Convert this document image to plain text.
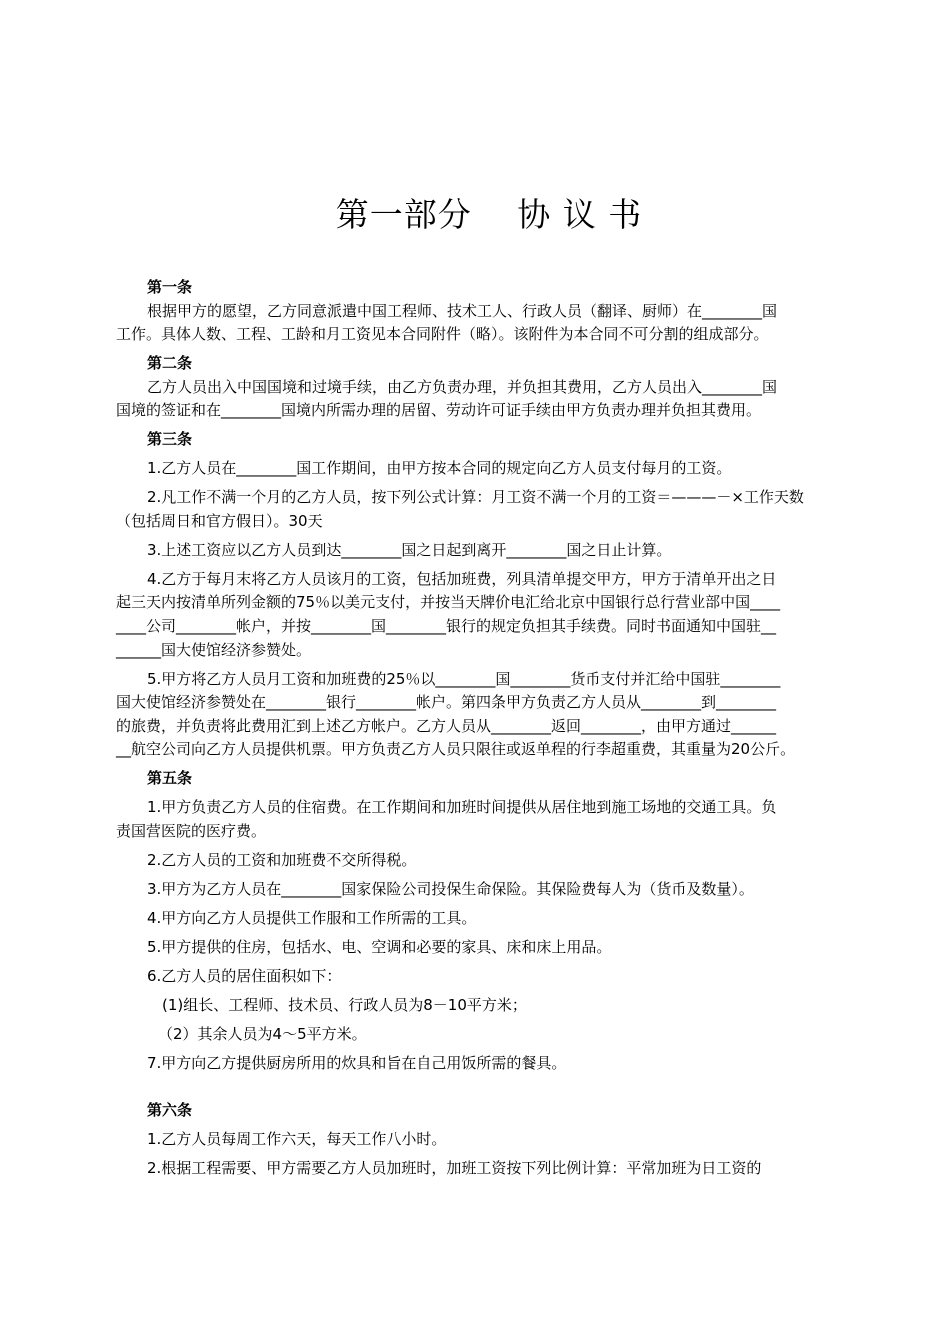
第一部分　 协 议 书
第一条
根据甲方的愿望，乙方同意派遣中国工程师、技术工人、行政人员（翻译、厨师）在________国
工作。具体人数、工程、工龄和月工资见本合同附件（略）。该附件为本合同不可分割的组成部分。
第二条
乙方人员出入中国国境和过境手续，由乙方负责办理，并负担其费用，乙方人员出入________国
国境的签证和在________国境内所需办理的居留、劳动许可证手续由甲方负责办理并负担其费用。
第三条
1.乙方人员在________国工作期间，由甲方按本合同的规定向乙方人员支付每月的工资。
2.凡工作不满一个月的乙方人员，按下列公式计算：月工资不满一个月的工资＝———－×工作天数
（包括周日和官方假日）。30天
3.上述工资应以乙方人员到达________国之日起到离开________国之日止计算。
4.乙方于每月末将乙方人员该月的工资，包括加班费，列具清单提交甲方，甲方于清单开出之日
起三天内按清单所列金额的75％以美元支付，并按当天牌价电汇给北京中国银行总行营业部中国____
____公司________帐户，并按________国________银行的规定负担其手续费。同时书面通知中国驻__
______国大使馆经济参赞处。
5.甲方将乙方人员月工资和加班费的25％以________国________货币支付并汇给中国驻________
国大使馆经济参赞处在________银行________帐户。第四条甲方负责乙方人员从________到________
的旅费，并负责将此费用汇到上述乙方帐户。乙方人员从________返回________，由甲方通过______
__航空公司向乙方人员提供机票。甲方负责乙方人员只限往或返单程的行李超重费，其重量为20公斤。
第五条
1.甲方负责乙方人员的住宿费。在工作期间和加班时间提供从居住地到施工场地的交通工具。负
责国营医院的医疗费。
2.乙方人员的工资和加班费不交所得税。
3.甲方为乙方人员在________国家保险公司投保生命保险。其保险费每人为（货币及数量）。
4.甲方向乙方人员提供工作服和工作所需的工具。
5.甲方提供的住房，包括水、电、空调和必要的家具、床和床上用品。
6.乙方人员的居住面积如下：
(1)组长、工程师、技术员、行政人员为8－10平方米；
（2）其余人员为4～5平方米。
7.甲方向乙方提供厨房所用的炊具和旨在自己用饭所需的餐具。
第六条
1.乙方人员每周工作六天，每天工作八小时。
2.根据工程需要、甲方需要乙方人员加班时，加班工资按下列比例计算：平常加班为日工资的
